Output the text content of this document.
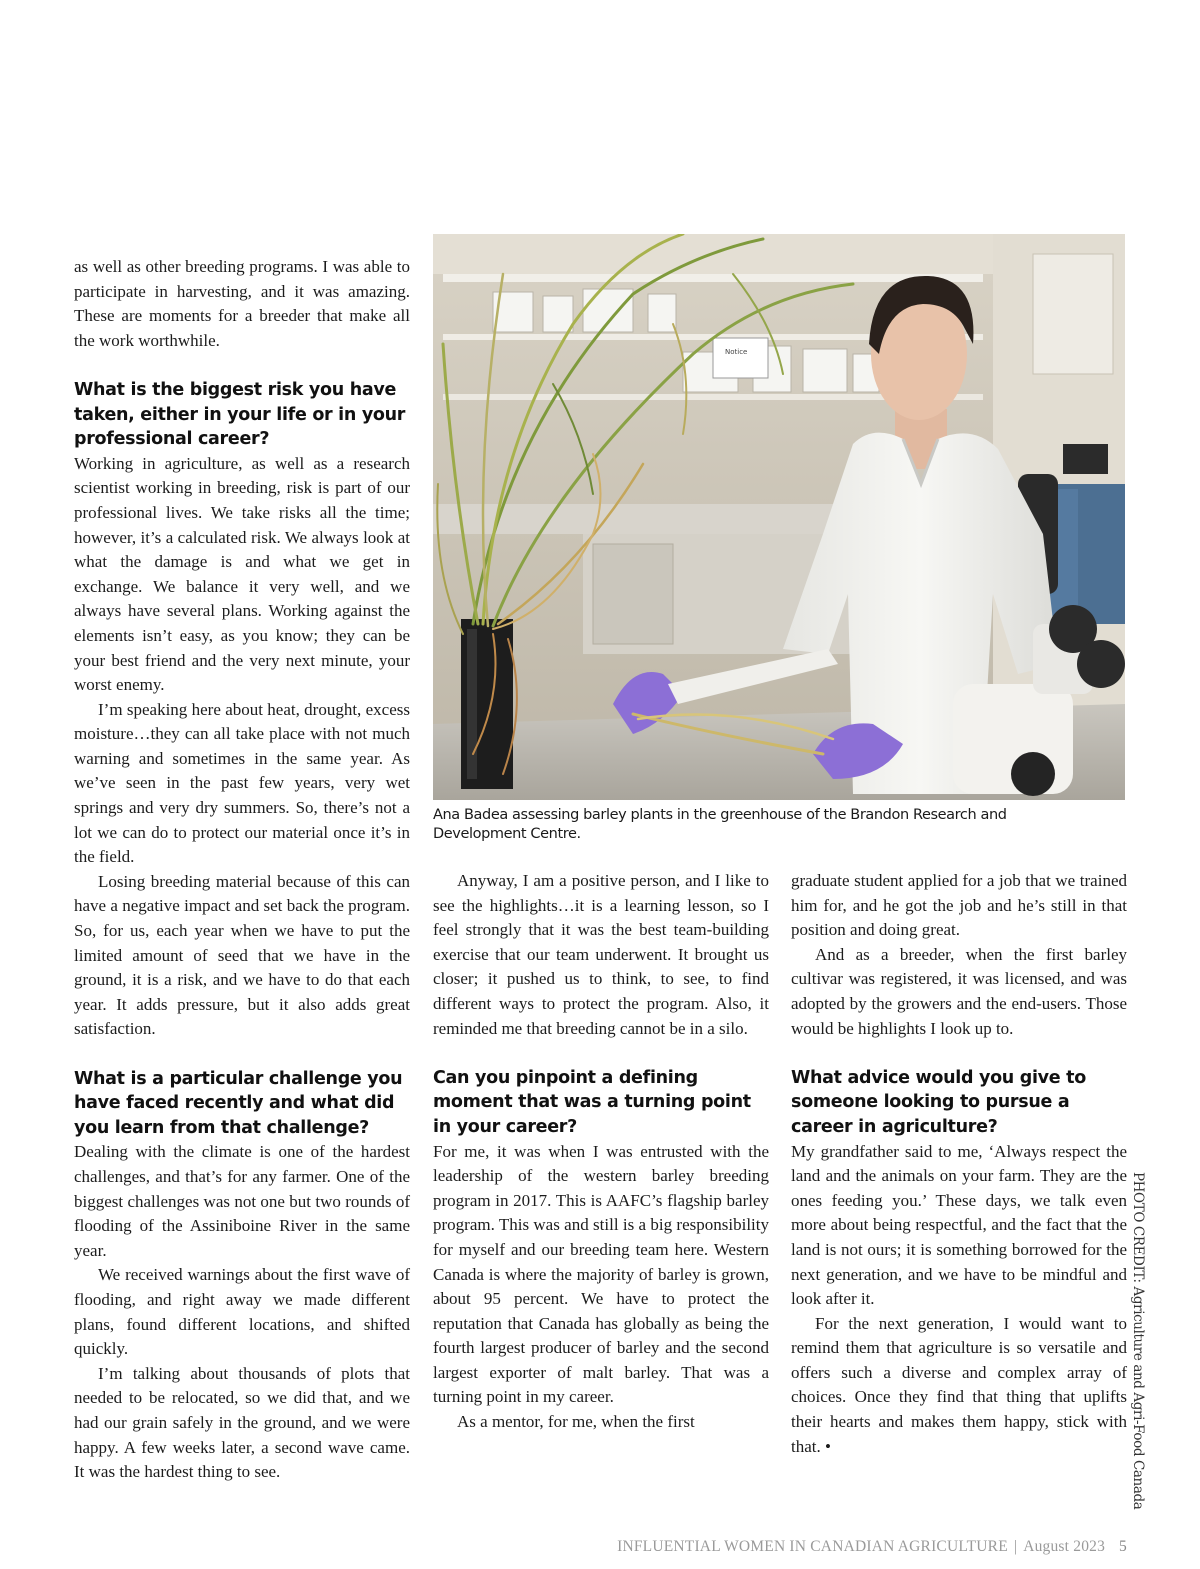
as well as other breeding programs. I was able to participate in harvesting, and it was amazing. These are moments for a breeder that make all the work worthwhile.

What is the biggest risk you have taken, either in your life or in your professional career?

Working in agriculture, as well as a research scientist working in breeding, risk is part of our professional lives. We take risks all the time; however, it’s a calculated risk. We always look at what the damage is and what we get in exchange. We balance it very well, and we always have several plans. Working against the elements isn’t easy, as you know; they can be your best friend and the very next minute, your worst enemy.

I’m speaking here about heat, drought, excess moisture…they can all take place with not much warning and sometimes in the same year. As we’ve seen in the past few years, very wet springs and very dry summers. So, there’s not a lot we can do to protect our material once it’s in the field.

Losing breeding material because of this can have a negative impact and set back the program. So, for us, each year when we have to put the limited amount of seed that we have in the ground, it is a risk, and we have to do that each year. It adds pressure, but it also adds great satisfaction.

What is a particular challenge you have faced recently and what did you learn from that challenge?

Dealing with the climate is one of the hardest challenges, and that’s for any farmer. One of the biggest challenges was not one but two rounds of flooding of the Assiniboine River in the same year.

We received warnings about the first wave of flooding, and right away we made different plans, found different locations, and shifted quickly.

I’m talking about thousands of plots that needed to be relocated, so we did that, and we had our grain safely in the ground, and we were happy. A few weeks later, a second wave came. It was the hardest thing to see.

Notice
Ana Badea assessing barley plants in the greenhouse of the Brandon Research and Development Centre.

Anyway, I am a positive person, and I like to see the highlights…it is a learning lesson, so I feel strongly that it was the best team-building exercise that our team underwent. It brought us closer; it pushed us to think, to see, to find different ways to protect the program. Also, it reminded me that breeding cannot be in a silo.

Can you pinpoint a defining moment that was a turning point in your career?

For me, it was when I was entrusted with the leadership of the western barley breeding program in 2017. This is AAFC’s flagship barley program. This was and still is a big responsibility for myself and our breeding team here. Western Canada is where the majority of barley is grown, about 95 percent. We have to protect the reputation that Canada has globally as being the fourth largest producer of barley and the second largest exporter of malt barley. That was a turning point in my career.

As a mentor, for me, when the first

graduate student applied for a job that we trained him for, and he got the job and he’s still in that position and doing great.

And as a breeder, when the first barley cultivar was registered, it was licensed, and was adopted by the growers and the end-users. Those would be highlights I look up to.

What advice would you give to someone looking to pursue a career in agriculture?

My grandfather said to me, ‘Always respect the land and the animals on your farm. They are the ones feeding you.’ These days, we talk even more about being respectful, and the fact that the land is not ours; it is something borrowed for the next generation, and we have to be mindful and look after it.

For the next generation, I would want to remind them that agriculture is so versatile and offers such a diverse and complex array of choices. Once they find that thing that uplifts their hearts and makes them happy, stick with that. •	PHOTO CREDIT: Agriculture and Agri-Food Canada
INFLUENTIAL WOMEN IN CANADIAN AGRICULTURE | August 2023 5
